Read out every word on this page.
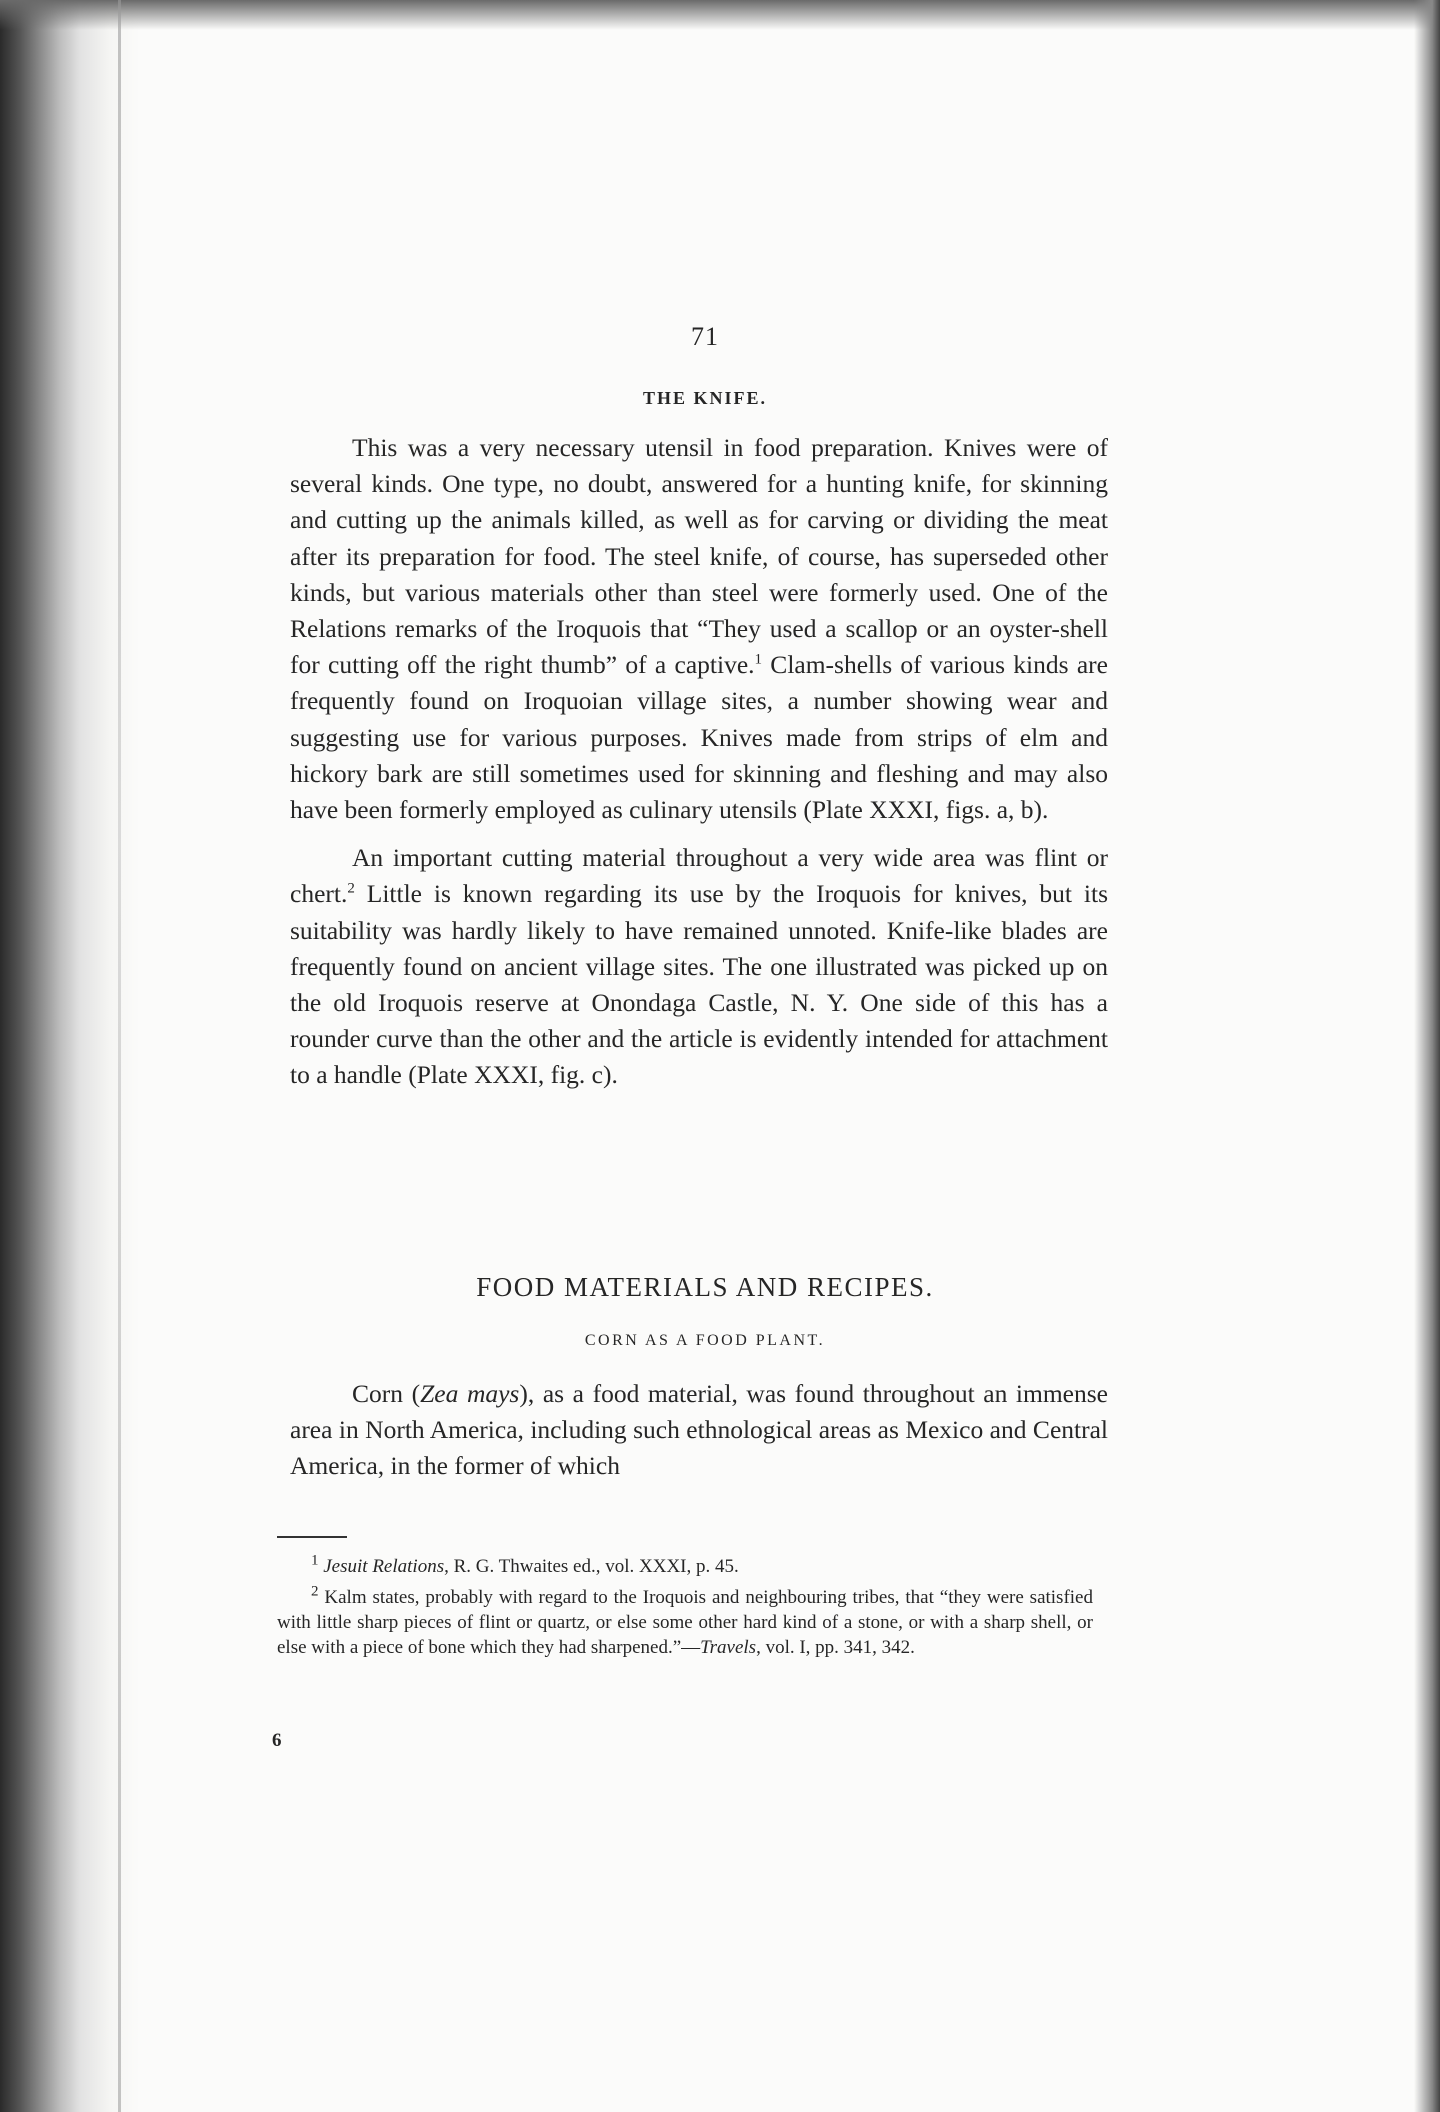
71
THE KNIFE.

This was a very necessary utensil in food preparation. Knives were of several kinds. One type, no doubt, answered for a hunting knife, for skinning and cutting up the animals killed, as well as for carving or dividing the meat after its preparation for food. The steel knife, of course, has superseded other kinds, but various materials other than steel were formerly used. One of the Relations remarks of the Iroquois that “They used a scallop or an oyster-shell for cutting off the right thumb” of a captive.$^1$ Clam-shells of various kinds are frequently found on Iroquoian village sites, a number showing wear and suggesting use for various purposes. Knives made from strips of elm and hickory bark are still sometimes used for skinning and fleshing and may also have been formerly employed as culinary utensils (Plate XXXI, figs. a, b).

An important cutting material throughout a very wide area was flint or chert.$^2$ Little is known regarding its use by the Iroquois for knives, but its suitability was hardly likely to have remained unnoted. Knife-like blades are frequently found on ancient village sites. The one illustrated was picked up on the old Iroquois reserve at Onondaga Castle, N. Y. One side of this has a rounder curve than the other and the article is evidently intended for attachment to a handle (Plate XXXI, fig. c).

FOOD MATERIALS AND RECIPES.
CORN AS A FOOD PLANT.

Corn (Zea mays), as a food material, was found throughout an immense area in North America, including such ethnological areas as Mexico and Central America, in the former of which

$^1$ Jesuit Relations, R. G. Thwaites ed., vol. XXXI, p. 45.

$^2$ Kalm states, probably with regard to the Iroquois and neighbouring tribes, that “they were satisfied with little sharp pieces of flint or quartz, or else some other hard kind of a stone, or with a sharp shell, or else with a piece of bone which they had sharpened.”—Travels, vol. I, pp. 341, 342.

6
